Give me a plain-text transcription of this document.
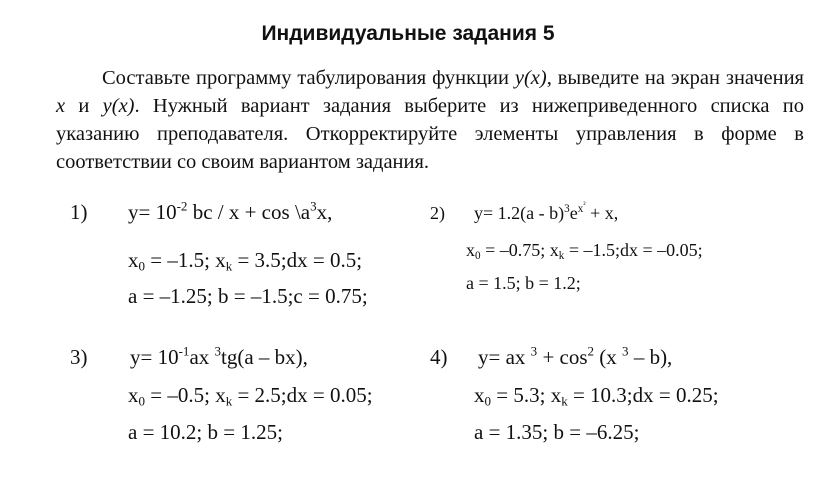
Индивидуальные задания 5
Составьте программу табулирования функции y(x), выведите на экран значения x и y(x). Нужный вариант задания выберите из нижеприведенного списка по указанию преподавателя. Откорректируйте элементы управления в форме в соответствии со своим вариантом задания.
1) $y= 10^{-2}$ bc / $x + \cos \backslash a^3x$,
$x_0 = -1.5$; $x_k$ = 3.5;dx = 0.5;
a = –1.25; b = –1.5;c = 0.75;
2) $y= 1.2(a - b)^3e^{x^{^2}} + x$,
$x_0 = -0.75$; $x_k$ = –1.5;dx = –0.05;
a = 1.5; b = 1.2;
3) $y= 10^{-1}ax$ $^3$tg(a – bx),
$x_0 = -0.5$; $x_k$ = 2.5;dx = 0.05;
a = 10.2; b = 1.25;
4) y= ax $^3 + \cos^2 (x$ $^3$ – b),
$x_0 = 5.3$; $x_k$ = 10.3;dx = 0.25;
a = 1.35; b = –6.25;
